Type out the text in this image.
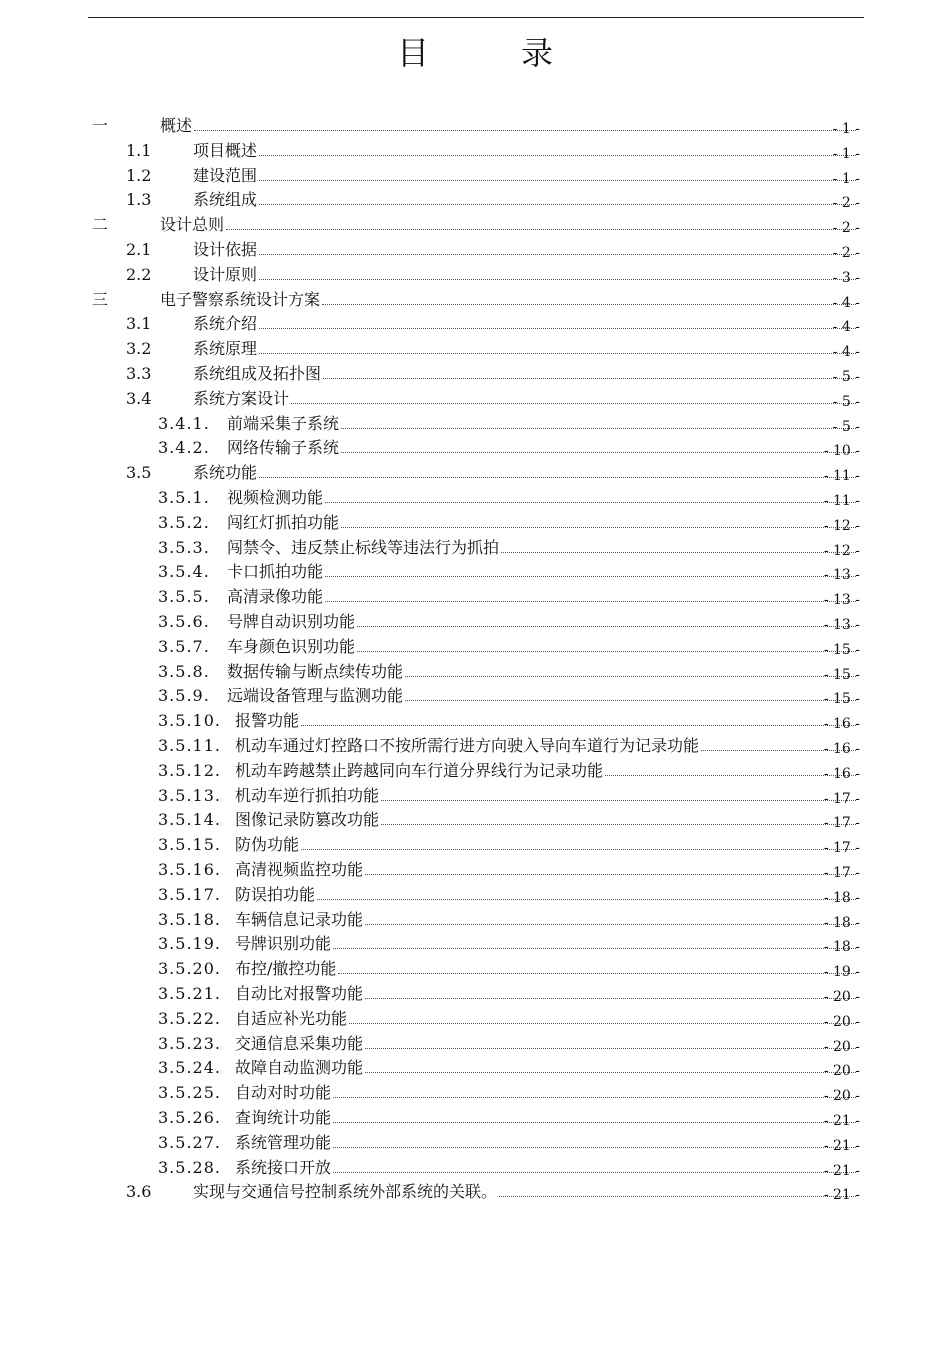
目　录
一	概述	- 1 -
1.1	项目概述	- 1 -
1.2	建设范围	- 1 -
1.3	系统组成	- 2 -
二	设计总则	- 2 -
2.1	设计依据	- 2 -
2.2	设计原则	- 3 -
三	电子警察系统设计方案	- 4 -
3.1	系统介绍	- 4 -
3.2	系统原理	- 4 -
3.3	系统组成及拓扑图	- 5 -
3.4	系统方案设计	- 5 -
3.4.1. 前端采集子系统	- 5 -
3.4.2. 网络传输子系统	- 10 -
3.5	系统功能	- 11 -
3.5.1. 视频检测功能	- 11 -
3.5.2. 闯红灯抓拍功能	- 12 -
3.5.3. 闯禁令、违反禁止标线等违法行为抓拍	- 12 -
3.5.4. 卡口抓拍功能	- 13 -
3.5.5. 高清录像功能	- 13 -
3.5.6. 号牌自动识别功能	- 13 -
3.5.7. 车身颜色识别功能	- 15 -
3.5.8. 数据传输与断点续传功能	- 15 -
3.5.9. 远端设备管理与监测功能	- 15 -
3.5.10. 报警功能	- 16 -
3.5.11. 机动车通过灯控路口不按所需行进方向驶入导向车道行为记录功能	- 16 -
3.5.12. 机动车跨越禁止跨越同向车行道分界线行为记录功能	- 16 -
3.5.13. 机动车逆行抓拍功能	- 17 -
3.5.14. 图像记录防篡改功能	- 17 -
3.5.15. 防伪功能	- 17 -
3.5.16. 高清视频监控功能	- 17 -
3.5.17. 防误拍功能	- 18 -
3.5.18. 车辆信息记录功能	- 18 -
3.5.19. 号牌识别功能	- 18 -
3.5.20. 布控/撤控功能	- 19 -
3.5.21. 自动比对报警功能	- 20 -
3.5.22. 自适应补光功能	- 20 -
3.5.23. 交通信息采集功能	- 20 -
3.5.24. 故障自动监测功能	- 20 -
3.5.25. 自动对时功能	- 20 -
3.5.26. 查询统计功能	- 21 -
3.5.27. 系统管理功能	- 21 -
3.5.28. 系统接口开放	- 21 -
3.6	实现与交通信号控制系统外部系统的关联。	- 21 -
